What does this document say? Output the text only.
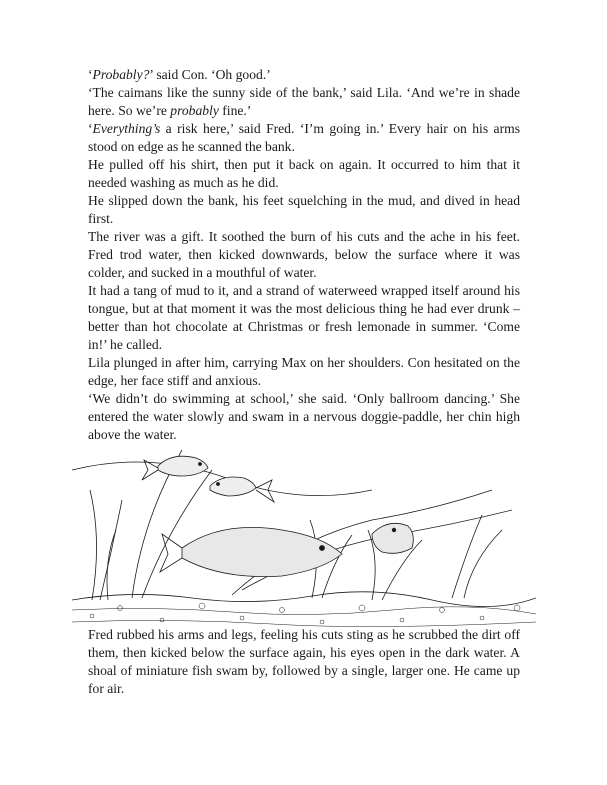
‘Probably?’ said Con. ‘Oh good.’

‘The caimans like the sunny side of the bank,’ said Lila. ‘And we’re in shade here. So we’re probably fine.’

‘Everything’s a risk here,’ said Fred. ‘I’m going in.’ Every hair on his arms stood on edge as he scanned the bank.

He pulled off his shirt, then put it back on again. It occurred to him that it needed washing as much as he did.

He slipped down the bank, his feet squelching in the mud, and dived in head first.

The river was a gift. It soothed the burn of his cuts and the ache in his feet. Fred trod water, then kicked downwards, below the surface where it was colder, and sucked in a mouthful of water.

It had a tang of mud to it, and a strand of waterweed wrapped itself around his tongue, but at that moment it was the most delicious thing he had ever drunk – better than hot chocolate at Christmas or fresh lemonade in summer. ‘Come in!’ he called.

Lila plunged in after him, carrying Max on her shoulders. Con hesitated on the edge, her face stiff and anxious.

‘We didn’t do swimming at school,’ she said. ‘Only ballroom dancing.’ She entered the water slowly and swam in a nervous doggie-paddle, her chin high above the water.

Fred rubbed his arms and legs, feeling his cuts sting as he scrubbed the dirt off them, then kicked below the surface again, his eyes open in the dark water. A shoal of miniature fish swam by, followed by a single, larger one. He came up for air.
